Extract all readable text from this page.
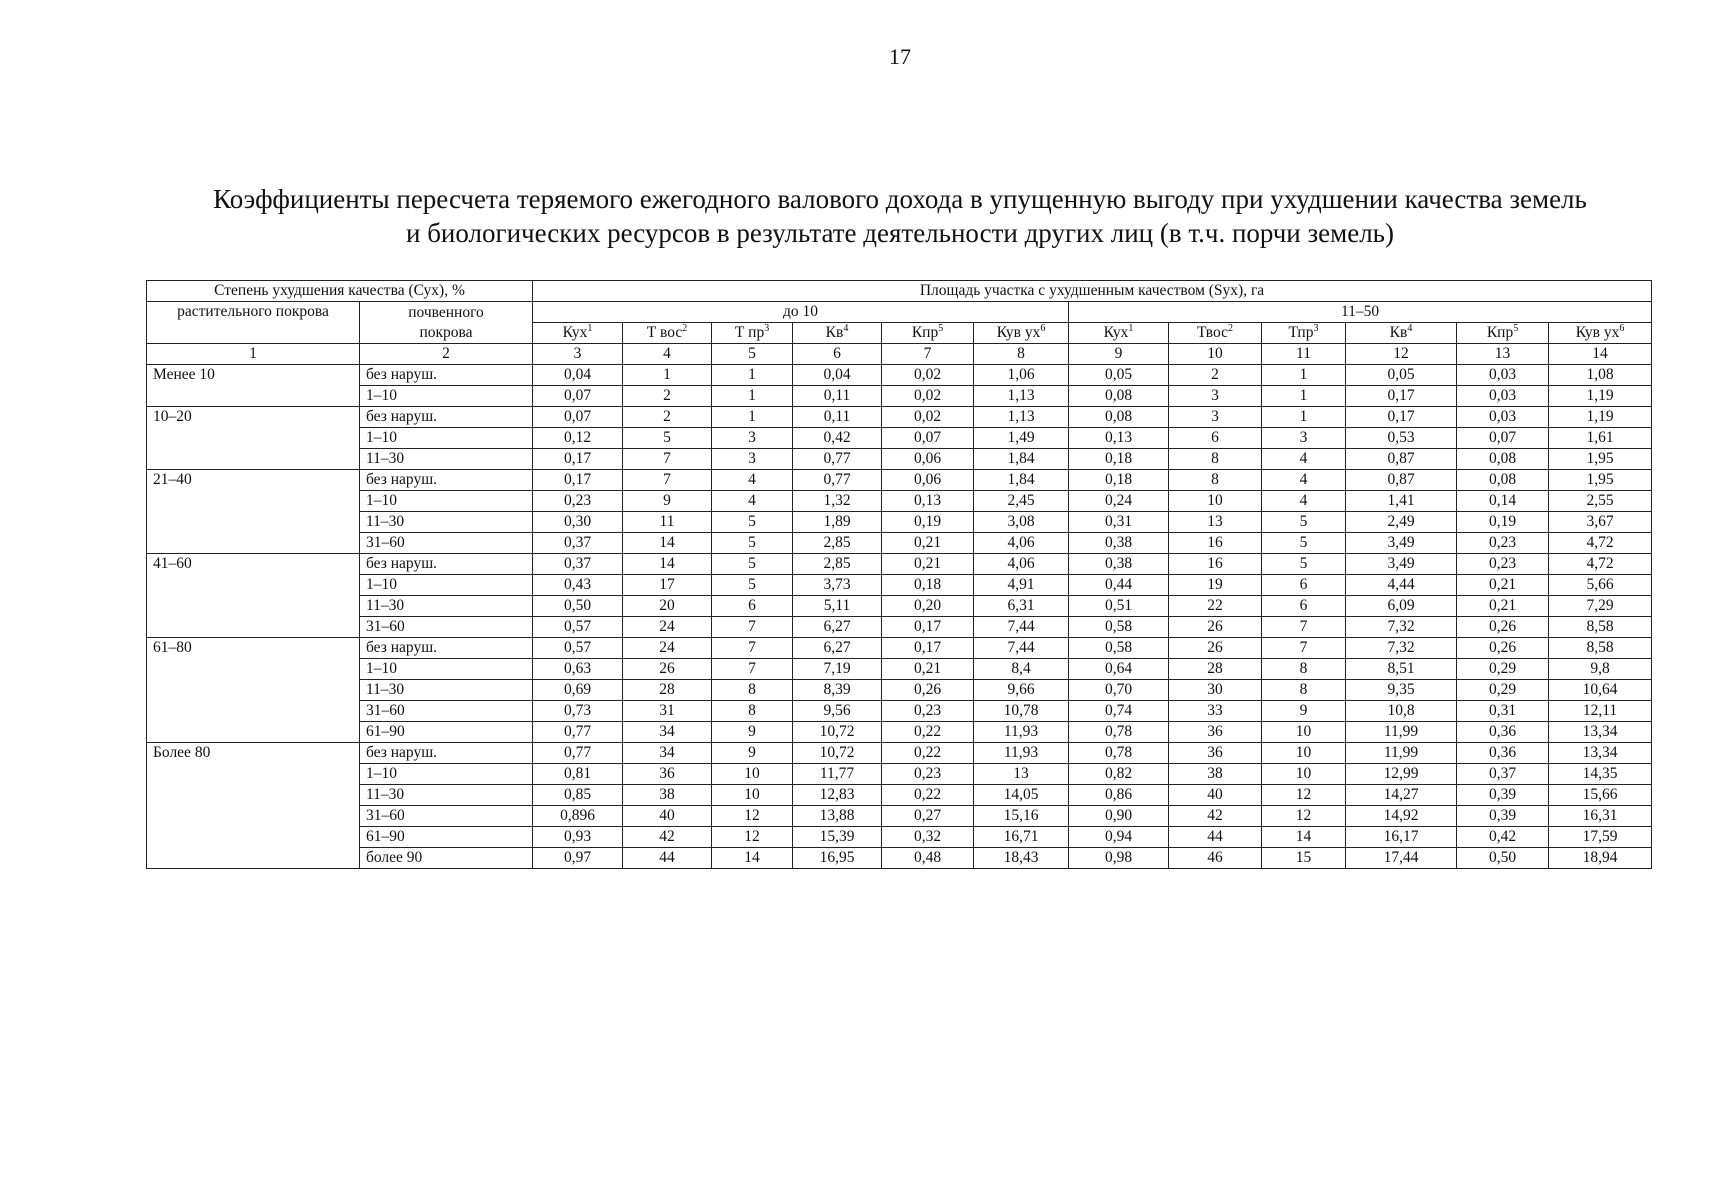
17
Коэффициенты пересчета теряемого ежегодного валового дохода в упущенную выгоду при ухудшении качества земель
и биологических ресурсов в результате деятельности других лиц (в т.ч. порчи земель)
Степень ухудшения качества (Сух), %		Площадь участка с ухудшенным качеством (Sух), га											
растительного покрова	почвенного покрова	до 10						11–50					
		Кух$^1$	Т вос$^2$	Т $пр^3$	$Кв^4$	Кпр$^5$	Кув $ух^6$	Кух$^1$	Твос$^2$	Тпр$^3$	$Кв^4$	Кпр$^5$	Кув $ух^6$
1	2	3	4	5	6	7	8	9	10	11	12	13	14
Менее 10	без наруш.	0,04	1	1	0,04	0,02	1,06	0,05	2	1	0,05	0,03	1,08
	1–10	0,07	2	1	0,11	0,02	1,13	0,08	3	1	0,17	0,03	1,19
10–20	без наруш.	0,07	2	1	0,11	0,02	1,13	0,08	3	1	0,17	0,03	1,19
	1–10	0,12	5	3	0,42	0,07	1,49	0,13	6	3	0,53	0,07	1,61
	11–30	0,17	7	3	0,77	0,06	1,84	0,18	8	4	0,87	0,08	1,95
21–40	без наруш.	0,17	7	4	0,77	0,06	1,84	0,18	8	4	0,87	0,08	1,95
	1–10	0,23	9	4	1,32	0,13	2,45	0,24	10	4	1,41	0,14	2,55
	11–30	0,30	11	5	1,89	0,19	3,08	0,31	13	5	2,49	0,19	3,67
	31–60	0,37	14	5	2,85	0,21	4,06	0,38	16	5	3,49	0,23	4,72
41–60	без наруш.	0,37	14	5	2,85	0,21	4,06	0,38	16	5	3,49	0,23	4,72
	1–10	0,43	17	5	3,73	0,18	4,91	0,44	19	6	4,44	0,21	5,66
	11–30	0,50	20	6	5,11	0,20	6,31	0,51	22	6	6,09	0,21	7,29
	31–60	0,57	24	7	6,27	0,17	7,44	0,58	26	7	7,32	0,26	8,58
61–80	без наруш.	0,57	24	7	6,27	0,17	7,44	0,58	26	7	7,32	0,26	8,58
	1–10	0,63	26	7	7,19	0,21	8,4	0,64	28	8	8,51	0,29	9,8
	11–30	0,69	28	8	8,39	0,26	9,66	0,70	30	8	9,35	0,29	10,64
	31–60	0,73	31	8	9,56	0,23	10,78	0,74	33	9	10,8	0,31	12,11
	61–90	0,77	34	9	10,72	0,22	11,93	0,78	36	10	11,99	0,36	13,34
Более 80	без наруш.	0,77	34	9	10,72	0,22	11,93	0,78	36	10	11,99	0,36	13,34
	1–10	0,81	36	10	11,77	0,23	13	0,82	38	10	12,99	0,37	14,35
	11–30	0,85	38	10	12,83	0,22	14,05	0,86	40	12	14,27	0,39	15,66
	31–60	0,896	40	12	13,88	0,27	15,16	0,90	42	12	14,92	0,39	16,31
	61–90	0,93	42	12	15,39	0,32	16,71	0,94	44	14	16,17	0,42	17,59
	более 90	0,97	44	14	16,95	0,48	18,43	0,98	46	15	17,44	0,50	18,94
